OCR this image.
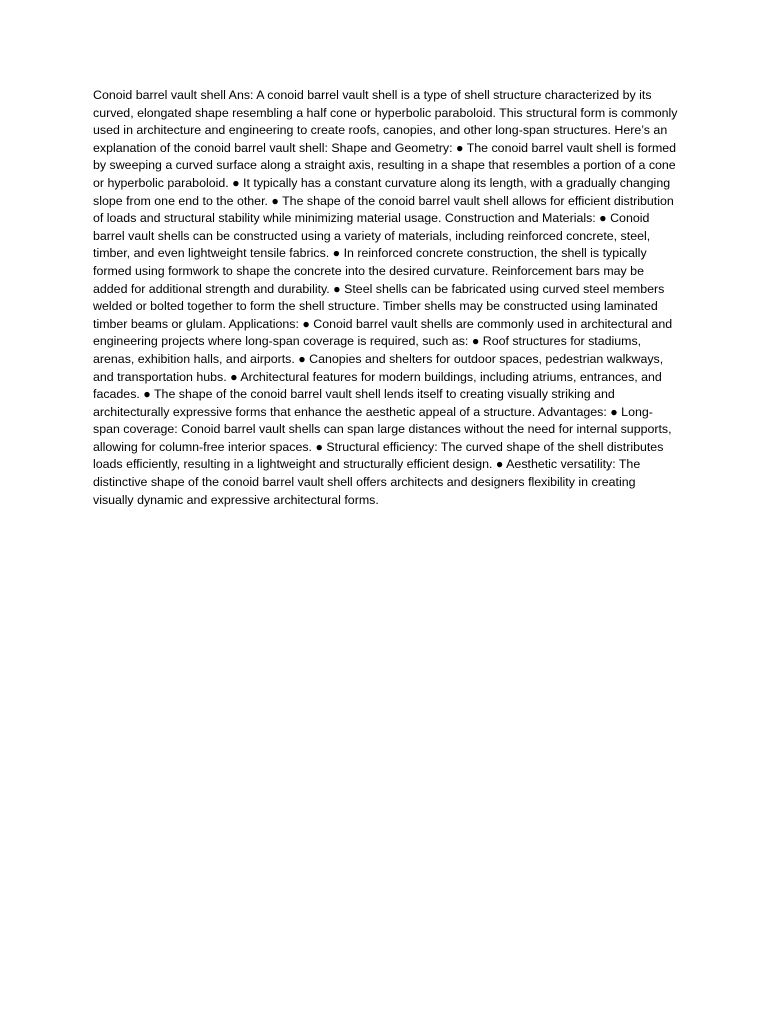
Conoid barrel vault shell Ans: A conoid barrel vault shell is a type of shell structure characterized by its curved, elongated shape resembling a half cone or hyperbolic paraboloid. This structural form is commonly used in architecture and engineering to create roofs, canopies, and other long-span structures. Here’s an explanation of the conoid barrel vault shell: Shape and Geometry: ● The conoid barrel vault shell is formed by sweeping a curved surface along a straight axis, resulting in a shape that resembles a portion of a cone or hyperbolic paraboloid. ● It typically has a constant curvature along its length, with a gradually changing slope from one end to the other. ● The shape of the conoid barrel vault shell allows for efficient distribution of loads and structural stability while minimizing material usage. Construction and Materials: ● Conoid barrel vault shells can be constructed using a variety of materials, including reinforced concrete, steel, timber, and even lightweight tensile fabrics. ● In reinforced concrete construction, the shell is typically formed using formwork to shape the concrete into the desired curvature. Reinforcement bars may be added for additional strength and durability. ● Steel shells can be fabricated using curved steel members welded or bolted together to form the shell structure. Timber shells may be constructed using laminated timber beams or glulam. Applications: ● Conoid barrel vault shells are commonly used in architectural and engineering projects where long-span coverage is required, such as: ● Roof structures for stadiums, arenas, exhibition halls, and airports. ● Canopies and shelters for outdoor spaces, pedestrian walkways, and transportation hubs. ● Architectural features for modern buildings, including atriums, entrances, and facades. ● The shape of the conoid barrel vault shell lends itself to creating visually striking and architecturally expressive forms that enhance the aesthetic appeal of a structure. Advantages: ● Long-span coverage: Conoid barrel vault shells can span large distances without the need for internal supports, allowing for column-free interior spaces. ● Structural efficiency: The curved shape of the shell distributes loads efficiently, resulting in a lightweight and structurally efficient design. ● Aesthetic versatility: The distinctive shape of the conoid barrel vault shell offers architects and designers flexibility in creating visually dynamic and expressive architectural forms.
